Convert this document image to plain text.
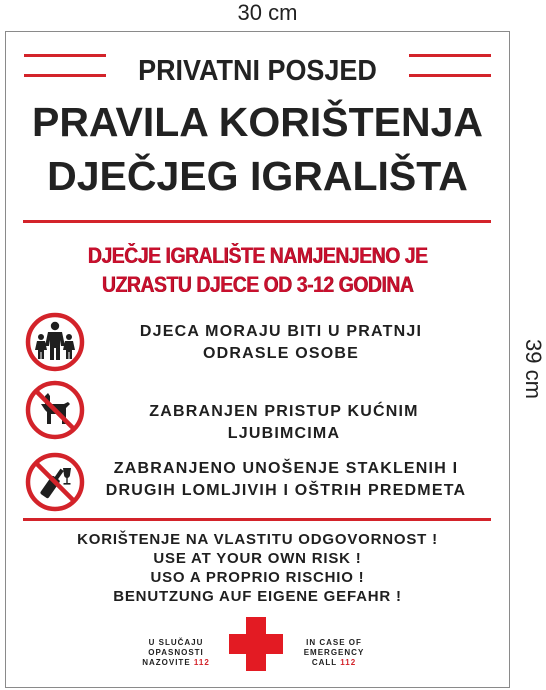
30 cm
39 cm
PRIVATNI POSJED
PRAVILA KORIŠTENJA
DJEČJEG IGRALIŠTA
DJEČJE IGRALIŠTE NAMJENJENO JE
UZRASTU DJECE OD 3-12 GODINA
DJECA MORAJU BITI U PRATNJI
ODRASLE OSOBE
ZABRANJEN PRISTUP KUĆNIM LJUBIMCIMA
ZABRANJENO UNOŠENJE STAKLENIH I
DRUGIH LOMLJIVIH I OŠTRIH PREDMETA
KORIŠTENJE NA VLASTITU ODGOVORNOST !
USE AT YOUR OWN RISK !
USO A PROPRIO RISCHIO !
BENUTZUNG AUF EIGENE GEFAHR !
U SLUČAJU
OPASNOSTI
NAZOVITE 112
IN CASE OF
EMERGENCY
CALL 112
